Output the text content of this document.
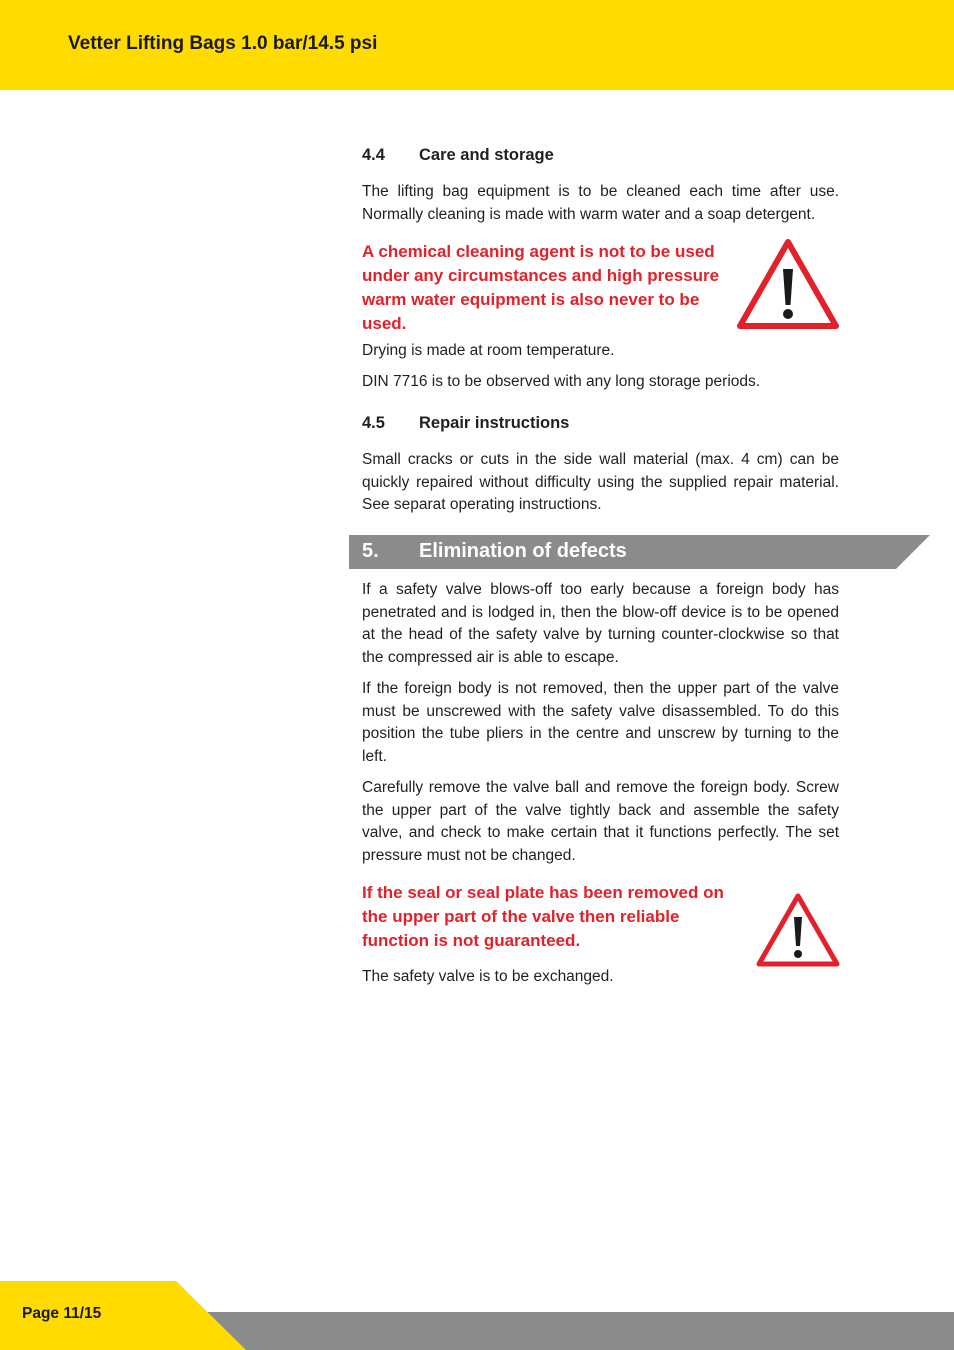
Vetter Lifting Bags 1.0 bar/14.5 psi
4.4 Care and storage

The lifting bag equipment is to be cleaned each time after use. Normally cleaning is made with warm water and a soap detergent.

A chemical cleaning agent is not to be used under any circumstances and high pressure warm water equipment is also never to be used.

Drying is made at room temperature.

DIN 7716 is to be observed with any long storage periods.

4.5 Repair instructions

Small cracks or cuts in the side wall material (max. 4 cm) can be quickly repaired without difficulty using the supplied repair material. See separat operating instructions.

5. Elimination of defects

If a safety valve blows-off too early because a foreign body has penetrated and is lodged in, then the blow-off device is to be opened at the head of the safety valve by turning counter-clockwise so that the compressed air is able to escape.

If the foreign body is not removed, then the upper part of the valve must be unscrewed with the safety valve disassembled. To do this position the tube pliers in the centre and unscrew by turning to the left.

Carefully remove the valve ball and remove the foreign body. Screw the upper part of the valve tightly back and assemble the safety valve, and check to make certain that it functions perfectly. The set pressure must not be changed.

If the seal or seal plate has been removed on the upper part of the valve then reliable function is not guaranteed.

The safety valve is to be exchanged.

Page 11/15
